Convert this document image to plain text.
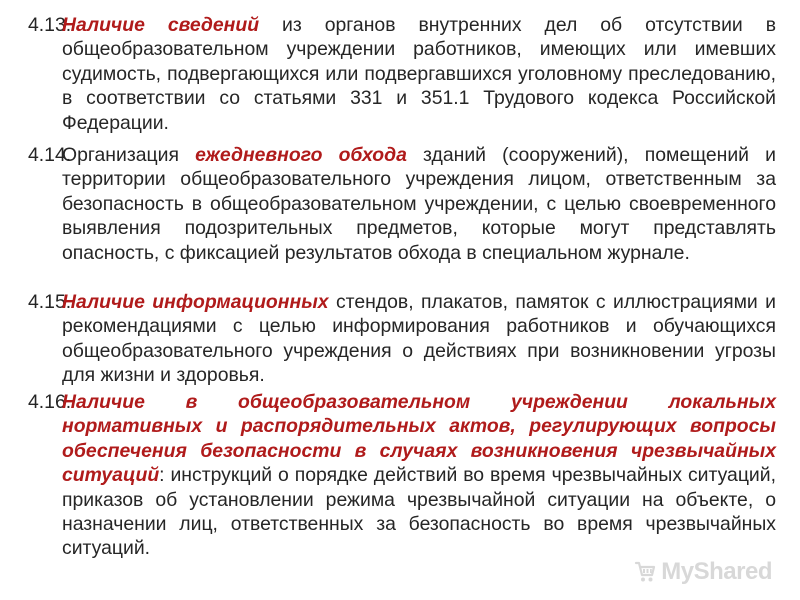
4.13.
Наличие сведений из органов внутренних дел об отсутствии в общеобразовательном учреждении работников, имеющих или имевших судимость, подвергающихся или подвергавшихся уголовному преследованию, в соответствии со статьями 331 и 351.1 Трудового кодекса Российской Федерации.
4.14.
Организация ежедневного обхода зданий (сооружений), помещений и территории общеобразовательного учреждения лицом, ответственным за безопасность в общеобразовательном учреждении, с целью своевременного выявления подозрительных предметов, которые могут представлять опасность, с фиксацией результатов обхода в специальном журнале.
4.15.
Наличие информационных стендов, плакатов, памяток с иллюстрациями и рекомендациями с целью информирования работников и обучающихся общеобразовательного учреждения о действиях при возникновении угрозы для жизни и здоровья.
4.16.
Наличие в общеобразовательном учреждении локальных нормативных и распорядительных актов, регулирующих вопросы обеспечения безопасности в случаях возникновения чрезвычайных ситуаций: инструкций о порядке действий во время чрезвычайных ситуаций, приказов об установлении режима чрезвычайной ситуации на объекте, о назначении лиц, ответственных за безопасность во время чрезвычайных ситуаций.
MyShared
